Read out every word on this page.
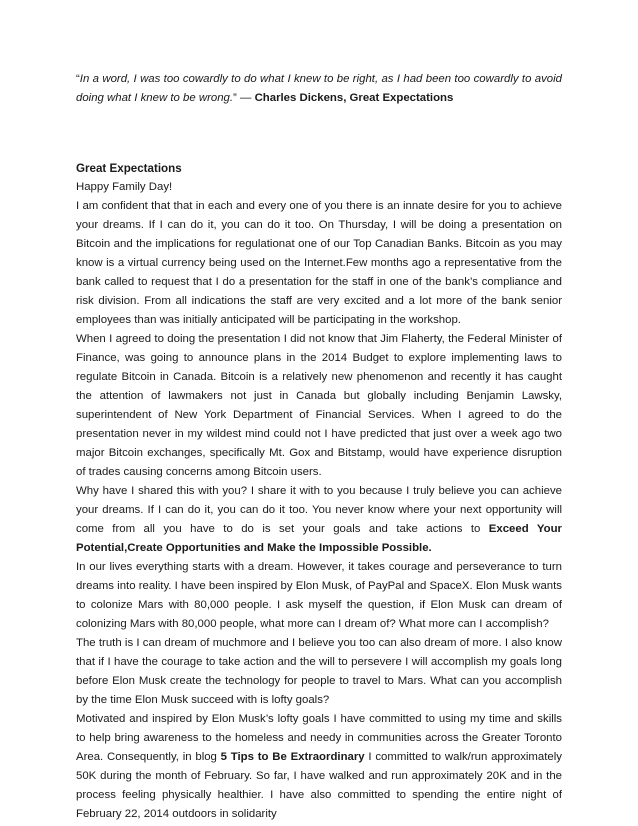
“In a word, I was too cowardly to do what I knew to be right, as I had been too cowardly to avoid doing what I knew to be wrong.” — Charles Dickens, Great Expectations

Great Expectations

Happy Family Day!

I am confident that that in each and every one of you there is an innate desire for you to achieve your dreams. If I can do it, you can do it too. On Thursday, I will be doing a presentation on Bitcoin and the implications for regulationat one of our Top Canadian Banks. Bitcoin as you may know is a virtual currency being used on the Internet.Few months ago a representative from the bank called to request that I do a presentation for the staff in one of the bank’s compliance and risk division. From all indications the staff are very excited and a lot more of the bank senior employees than was initially anticipated will be participating in the workshop.

When I agreed to doing the presentation I did not know that Jim Flaherty, the Federal Minister of Finance, was going to announce plans in the 2014 Budget to explore implementing laws to regulate Bitcoin in Canada. Bitcoin is a relatively new phenomenon and recently it has caught the attention of lawmakers not just in Canada but globally including Benjamin Lawsky, superintendent of New York Department of Financial Services. When I agreed to do the presentation never in my wildest mind could not I have predicted that just over a week ago two major Bitcoin exchanges, specifically Mt. Gox and Bitstamp, would have experience disruption of trades causing concerns among Bitcoin users.

Why have I shared this with you? I share it with to you because I truly believe you can achieve your dreams. If I can do it, you can do it too. You never know where your next opportunity will come from all you have to do is set your goals and take actions to Exceed Your Potential,Create Opportunities and Make the Impossible Possible.

In our lives everything starts with a dream. However, it takes courage and perseverance to turn dreams into reality. I have been inspired by Elon Musk, of PayPal and SpaceX. Elon Musk wants to colonize Mars with 80,000 people. I ask myself the question, if Elon Musk can dream of colonizing Mars with 80,000 people, what more can I dream of? What more can I accomplish?

The truth is I can dream of muchmore and I believe you too can also dream of more. I also know that if I have the courage to take action and the will to persevere I will accomplish my goals long before Elon Musk create the technology for people to travel to Mars. What can you accomplish by the time Elon Musk succeed with is lofty goals?

Motivated and inspired by Elon Musk’s lofty goals I have committed to using my time and skills to help bring awareness to the homeless and needy in communities across the Greater Toronto Area. Consequently, in blog 5 Tips to Be Extraordinary I committed to walk/run approximately 50K during the month of February. So far, I have walked and run approximately 20K and in the process feeling physically healthier. I have also committed to spending the entire night of February 22, 2014 outdoors in solidarity
